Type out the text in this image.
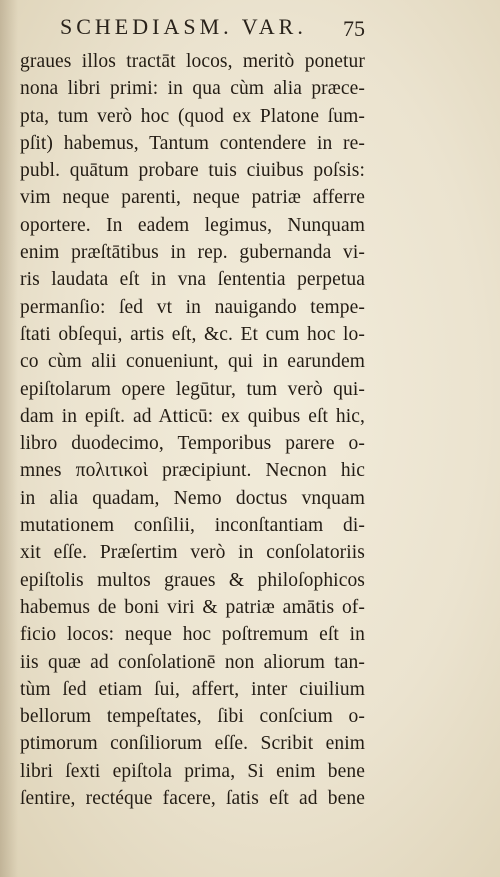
SCHEDIASM. VAR.	75
graues illos tractāt locos, meritò ponetur
nona libri primi: in qua cùm alia præce-
pta, tum verò hoc (quod ex Platone ſum-
pſit) habemus, Tantum contendere in re-
publ. quātum probare tuis ciuibus poſsis:
vim neque parenti, neque patriæ afferre
oportere. In eadem legimus, Nunquam
enim præſtātibus in rep. gubernanda vi-
ris laudata eſt in vna ſententia perpetua
permanſio: ſed vt in nauigando tempe-
ſtati obſequi, artis eſt, &c. Et cum hoc lo-
co cùm alii conueniunt, qui in earundem
epiſtolarum opere legūtur, tum verò qui-
dam in epiſt. ad Atticū: ex quibus eſt hic,
libro duodecimo, Temporibus parere o-
mnes πολιτικοὶ præcipiunt. Necnon hic
in alia quadam, Nemo doctus vnquam
mutationem conſilii, inconſtantiam di-
xit eſſe. Præſertim verò in conſolatoriis
epiſtolis multos graues & philoſophicos
habemus de boni viri & patriæ amātis of-
ficio locos: neque hoc poſtremum eſt in
iis quæ ad conſolationē non aliorum tan-
tùm ſed etiam ſui, affert, inter ciuilium
bellorum tempeſtates, ſibi conſcium o-
ptimorum conſiliorum eſſe. Scribit enim
libri ſexti epiſtola prima, Si enim bene
ſentire, rectéque facere, ſatis eſt ad bene
